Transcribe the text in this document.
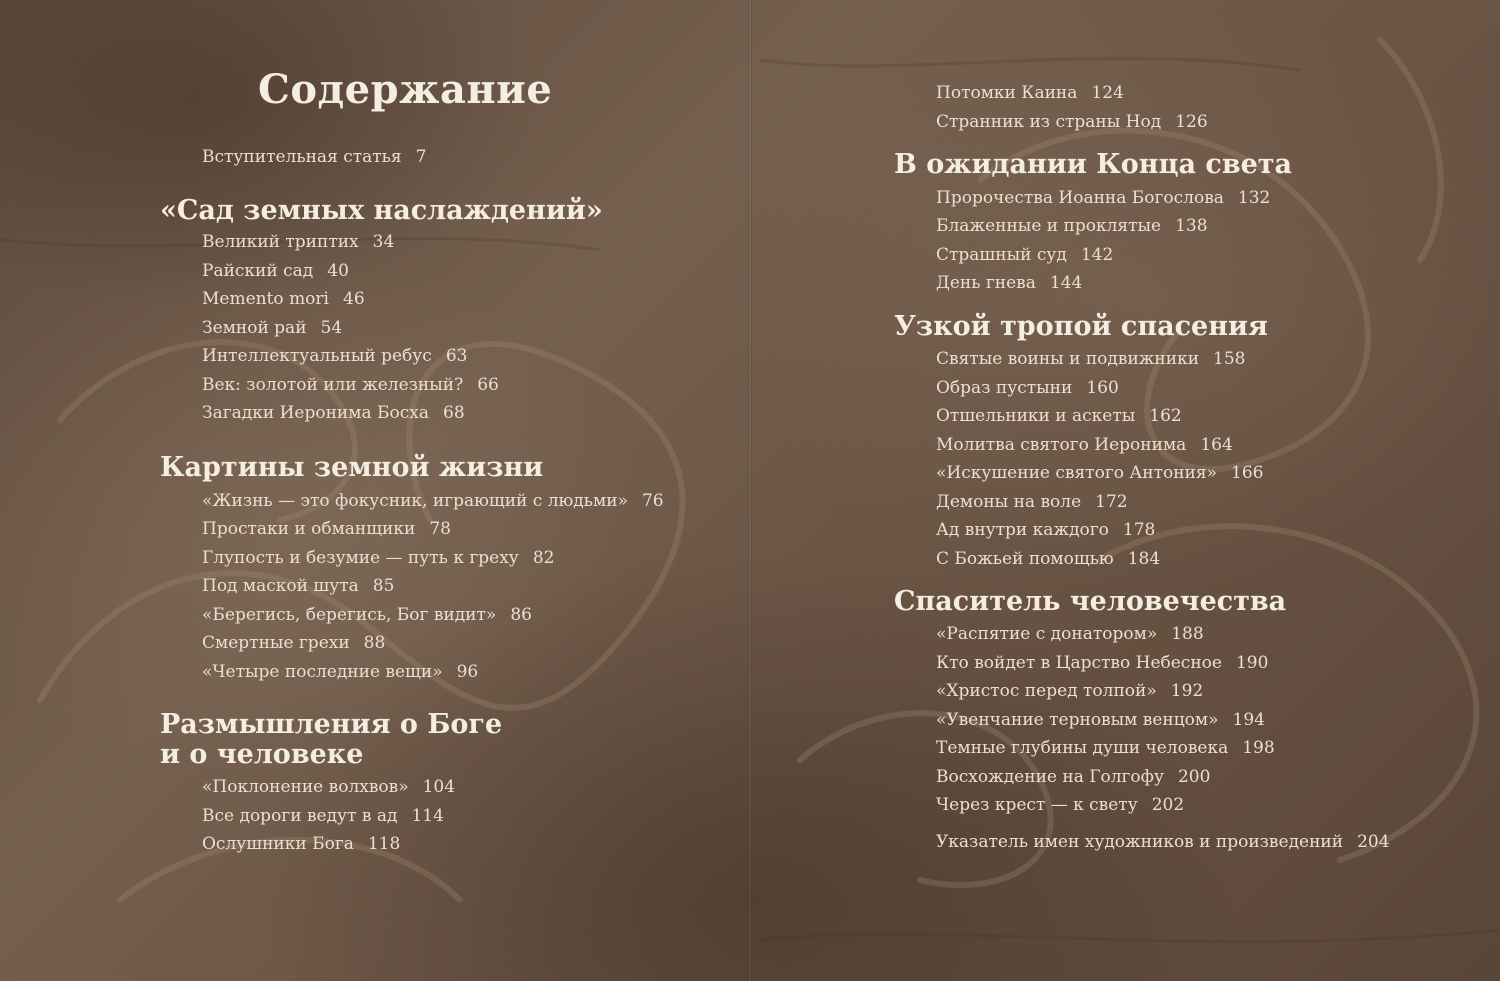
Содержание
Вступительная статья 7
«Сад земных наслаждений»
Великий триптих 34
Райский сад 40
Memento mori 46
Земной рай 54
Интеллектуальный ребус 63
Век: золотой или железный? 66
Загадки Иеронима Босха 68
Картины земной жизни
«Жизнь — это фокусник, играющий с людьми» 76
Простаки и обманщики 78
Глупость и безумие — путь к греху 82
Под маской шута 85
«Берегись, берегись, Бог видит» 86
Смертные грехи 88
«Четыре последние вещи» 96
Размышления о Боге
и о человеке
«Поклонение волхвов» 104
Все дороги ведут в ад 114
Ослушники Бога 118
Потомки Каина 124
Странник из страны Нод 126
В ожидании Конца света
Пророчества Иоанна Богослова 132
Блаженные и проклятые 138
Страшный суд 142
День гнева 144
Узкой тропой спасения
Святые воины и подвижники 158
Образ пустыни 160
Отшельники и аскеты 162
Молитва святого Иеронима 164
«Искушение святого Антония» 166
Демоны на воле 172
Ад внутри каждого 178
С Божьей помощью 184
Спаситель человечества
«Распятие с донатором» 188
Кто войдет в Царство Небесное 190
«Христос перед толпой» 192
«Увенчание терновым венцом» 194
Темные глубины души человека 198
Восхождение на Голгофу 200
Через крест — к свету 202
Указатель имен художников и произведений 204
